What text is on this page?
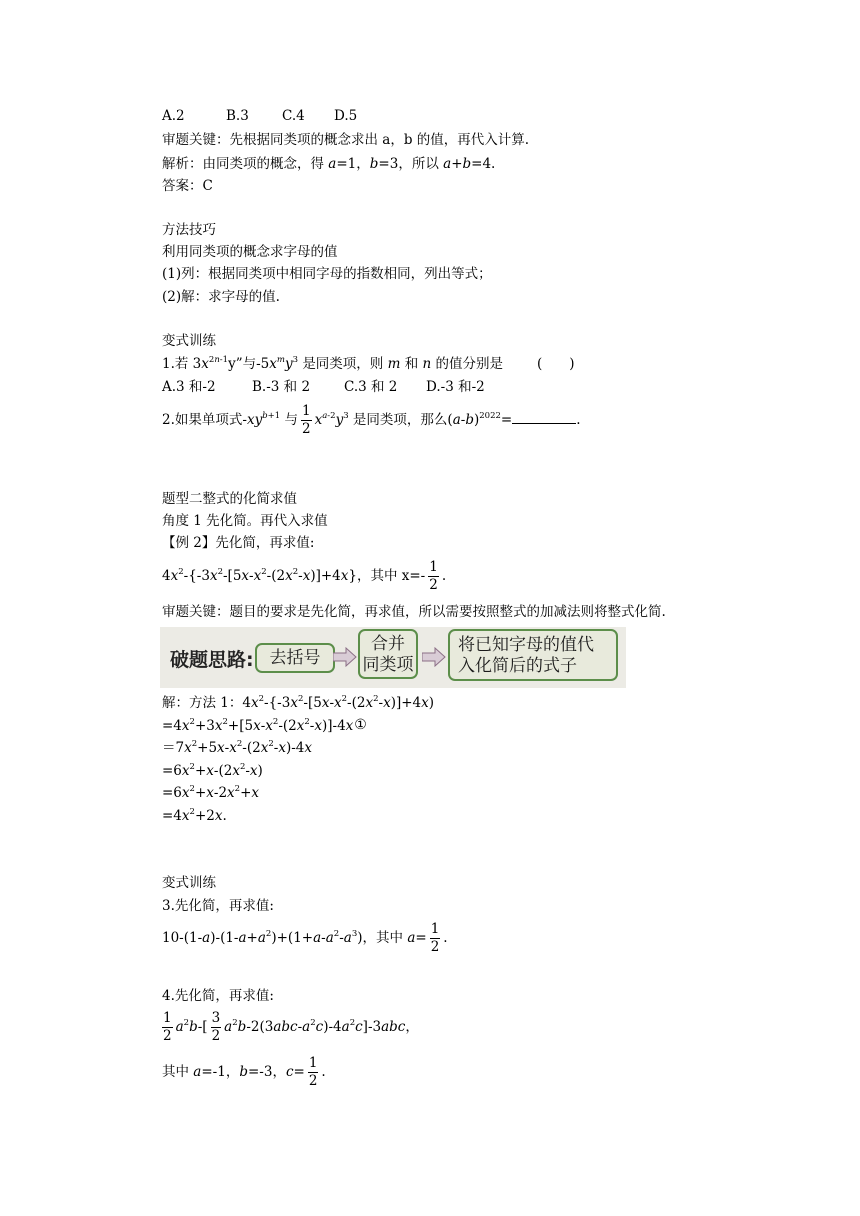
A.2	B.3 C.4 D.5
审题关键：先根据同类项的概念求出 a，b 的值，再代入计算.
解析：由同类项的概念，得 a=1，b=3，所以 a+b=4.
答案：C
方法技巧
利用同类项的概念求字母的值
(1)列：根据同类项中相同字母的指数相同，列出等式；
(2)解：求字母的值.
变式训练
1.若 $3x^{2n-1}y$”与$-5x^my^3$ 是同类项，则 m 和 n 的值分别是	(　　)
A.3 和-2	B.-3 和 2	C.3 和 2 D.-3 和-2
2.如果单项式$-xy^{b+1}$ 与 $\frac{1}{2} x^{a-2}y^3$ 是同类项，那么$(a-b)^{2022}=$	.
题型二整式的化简求值
角度 1 先化简。再代入求值
【例 2】先化简，再求值:
$4x^2-\{-3x^2-[5x-x^2-(2x^2-x)]+4x\}$，其中 $x=- \frac{1}{2}$ .
审题关键：题目的要求是先化简，再求值，所以需要按照整式的加减法则将整式化简.
破题思路: 去括号
合并
同类项
将已知字母的值代
入化简后的式子
解：方法 1：$4x^2-\{-3x^2-[5x-x^2-(2x^2-x)]+4x)$
$=4x^2+3x^2+[5x-x^2-(2x^2-x)]-4x①$
$=7x^2+5x-x^2-(2x^2-x)-4x$
$=6x^2+x-(2x^2-x)$
$=6x^2+x-2x^2+x$
$=4x^2+2x$.
变式训练
3.先化简，再求值:
$10-(1-a)-(1-a+a^2)+(1+a-a^2-a^3)$，其中 $a= \frac{1}{2}$ .
4.先化简，再求值:
$\frac{1}{2} a^2b-[ \frac{3}{2} a^2b-2(3abc-a^2c)-4a^2c]-3abc$，
其中 a=-1，b=-3，$c= \frac{1}{2}$ .
